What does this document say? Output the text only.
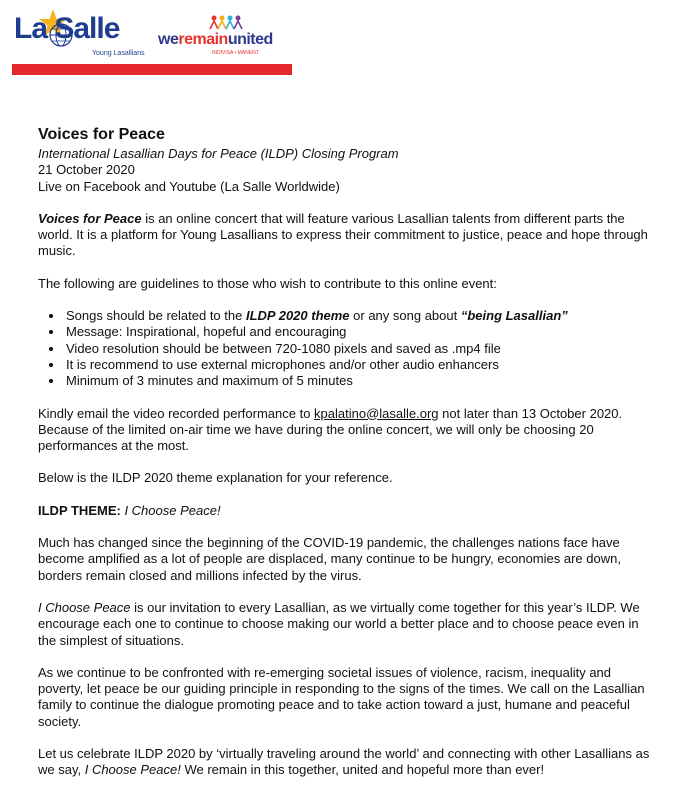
La Salle
Young Lasallians
weremainunited
INDIVISA • MANENT
Voices for Peace
International Lasallian Days for Peace (ILDP) Closing Program
21 October 2020
Live on Facebook and Youtube (La Salle Worldwide)

Voices for Peace is an online concert that will feature various Lasallian talents from different parts the world. It is a platform for Young Lasallians to express their commitment to justice, peace and hope through music.

The following are guidelines to those who wish to contribute to this online event:

• Songs should be related to the ILDP 2020 theme or any song about “being Lasallian”
• Message: Inspirational, hopeful and encouraging
• Video resolution should be between 720-1080 pixels and saved as .mp4 file
• It is recommend to use external microphones and/or other audio enhancers
• Minimum of 3 minutes and maximum of 5 minutes

Kindly email the video recorded performance to kpalatino@lasalle.org not later than 13 October 2020. Because of the limited on-air time we have during the online concert, we will only be choosing 20 performances at the most.

Below is the ILDP 2020 theme explanation for your reference.

ILDP THEME: I Choose Peace!

Much has changed since the beginning of the COVID-19 pandemic, the challenges nations face have become amplified as a lot of people are displaced, many continue to be hungry, economies are down, borders remain closed and millions infected by the virus.

I Choose Peace is our invitation to every Lasallian, as we virtually come together for this year’s ILDP. We encourage each one to continue to choose making our world a better place and to choose peace even in the simplest of situations.

As we continue to be confronted with re-emerging societal issues of violence, racism, inequality and poverty, let peace be our guiding principle in responding to the signs of the times. We call on the Lasallian family to continue the dialogue promoting peace and to take action toward a just, humane and peaceful society.

Let us celebrate ILDP 2020 by ‘virtually traveling around the world’ and connecting with other Lasallians as we say, I Choose Peace! We remain in this together, united and hopeful more than ever!
